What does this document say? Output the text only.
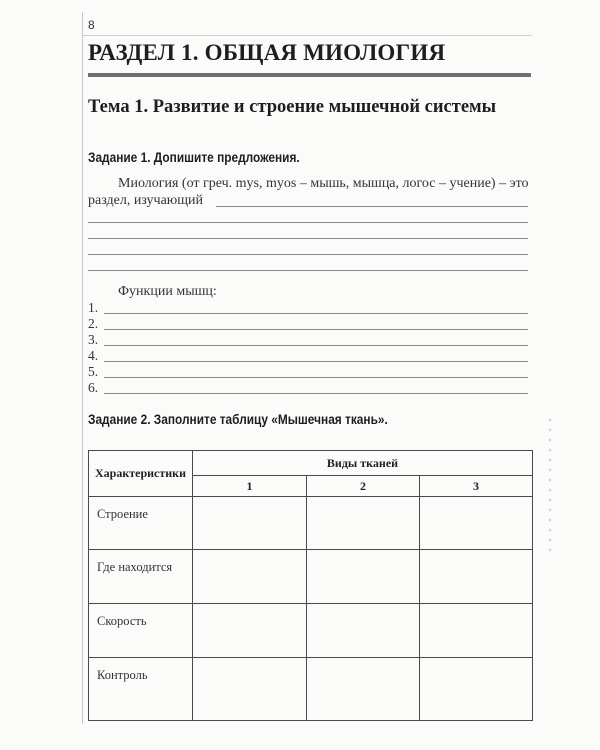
8
РАЗДЕЛ 1. ОБЩАЯ МИОЛОГИЯ
Тема 1. Развитие и строение мышечной системы
Задание 1. Допишите предложения.
Миология (от греч. mys, myos – мышь, мышца, логос – учение) – это
раздел, изучающий
Функции мышц:
1.
2.
3.
4.
5.
6.
Задание 2. Заполните таблицу «Мышечная ткань».
Характеристики	Виды тканей		
	1	2	3
Строение			
Где находится			
Скорость			
Контроль			
